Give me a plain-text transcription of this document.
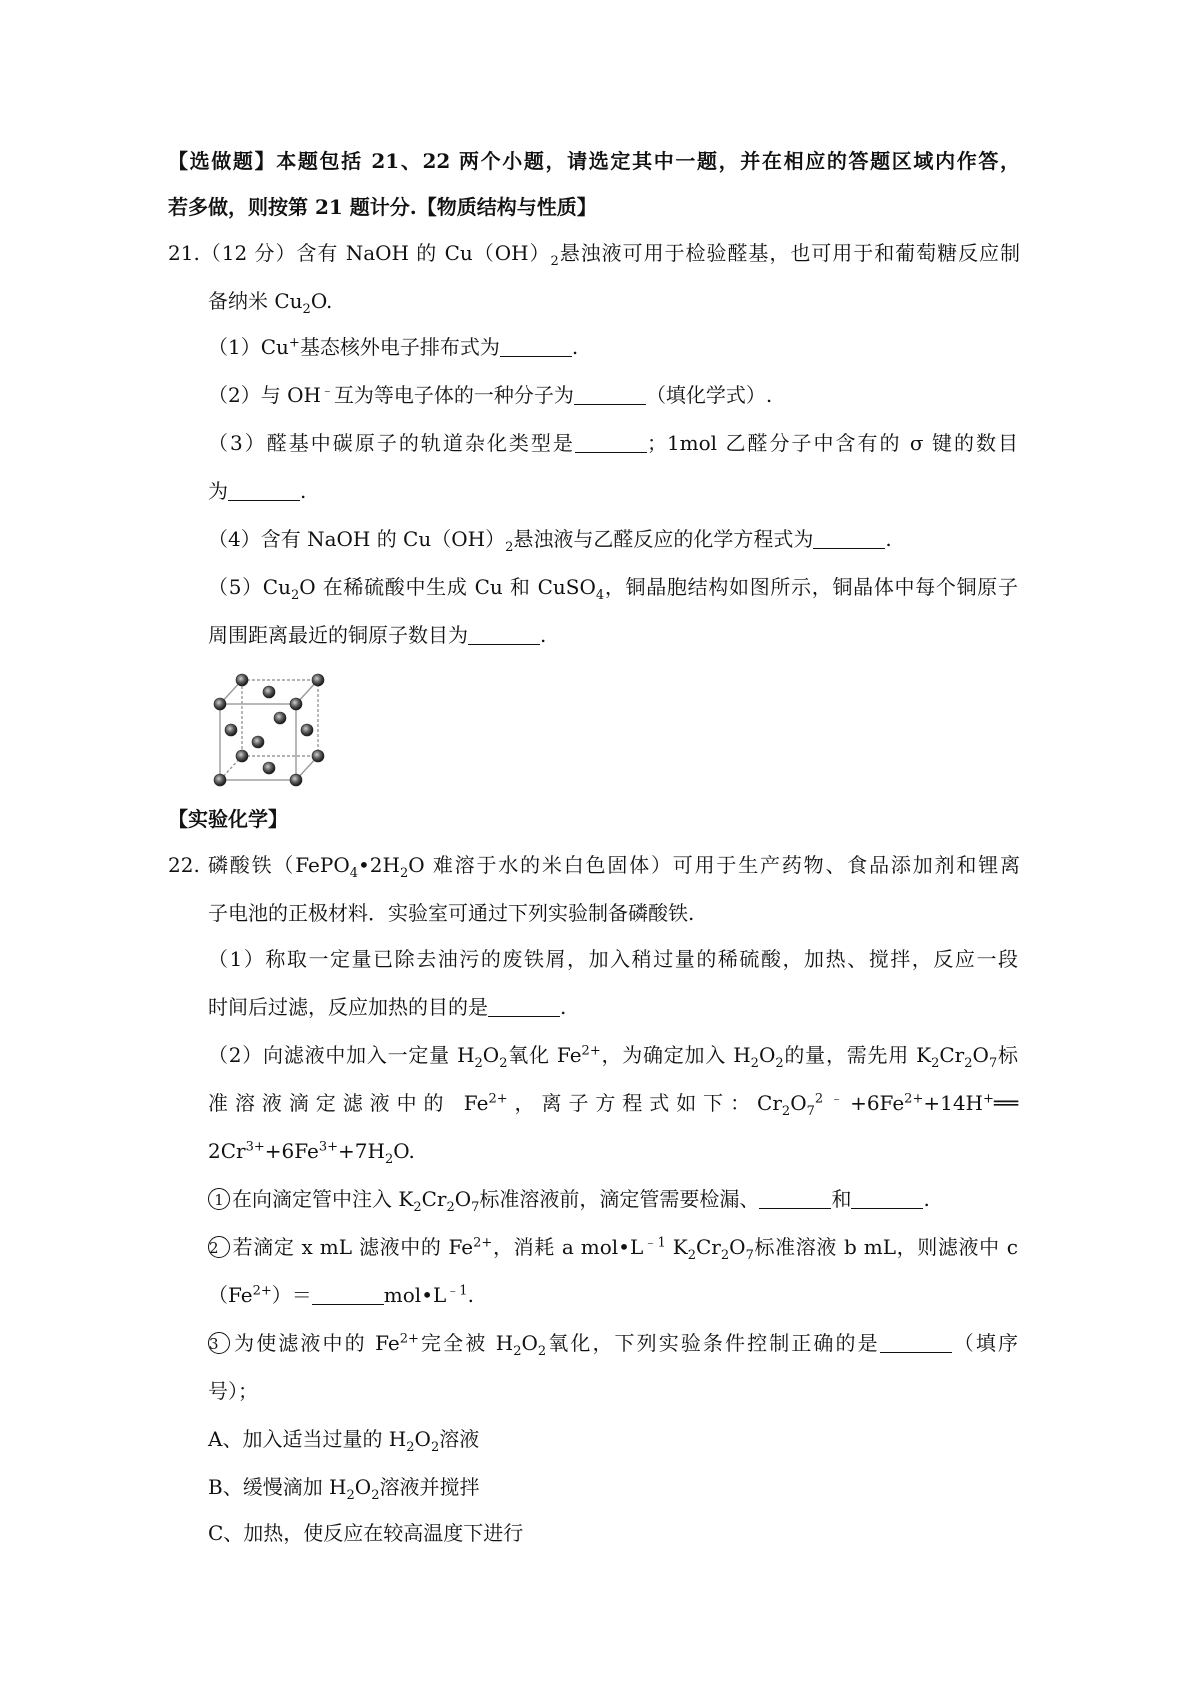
【选做题】本题包括 21、22 两个小题，请选定其中一题，并在相应的答题区域内作答，
若多做，则按第 21 题计分.【物质结构与性质】
21.（12 分）含有 NaOH 的 $Cu(OH)_2$悬浊液可用于检验醛基，也可用于和葡萄糖反应制
备纳米 $Cu_2O$.
（1）Cu+基态核外电子排布式为	.
（2）与 OH﹣互为等电子体的一种分子为	（填化学式）.
（3）醛基中碳原子的轨道杂化类型是	；1mol 乙醛分子中含有的 σ 键的数目
为	.
（4）含有 NaOH 的 $Cu(OH)_2$悬浊液与乙醛反应的化学方程式为	.
$(5)Cu_2O$ 在稀硫酸中生成 Cu 和 CuSO$_4$，铜晶胞结构如图所示，铜晶体中每个铜原子
周围距离最近的铜原子数目为	.
【实验化学】
22. 磷酸铁（$FePO_4•2H_2O$ 难溶于水的米白色固体）可用于生产药物、食品添加剂和锂离
子电池的正极材料．实验室可通过下列实验制备磷酸铁.
（1）称取一定量已除去油污的废铁屑，加入稍过量的稀硫酸，加热、搅拌，反应一段
时间后过滤，反应加热的目的是	.
（2）向滤液中加入一定量 $H_2O_2$氧化 $Fe^{2+}$，为确定加入 $H_2O_2$的量，需先用 $K_2Cr_2O_7$标
准溶液滴定滤液中的 $Fe^{2+}$，离子方程式如下：$Cr_2O_7^{2﹣}+6Fe^{2+}+14H^+══$
$2Cr^{3+}+6Fe^{3+}+7H_2O$.
1 在向滴定管中注入 $K_2Cr_2O_7$标准溶液前，滴定管需要检漏、	和	.
2 若滴定 x mL 滤液中的 $Fe^{2+}$，消耗 a $mol•L^{﹣1}$ $K_2Cr_2O_7$标准溶液 b mL，则滤液中 c
$(Fe^{2+})=$	$mol•L^{﹣1}$.
3 为使滤液中的 $Fe^{2+}$完全被 $H_2O_2$氧化，下列实验条件控制正确的是	（填序
号）；
A、加入适当过量的 $H_2O_2$溶液
B、缓慢滴加 $H_2O_2$溶液并搅拌
C、加热，使反应在较高温度下进行
